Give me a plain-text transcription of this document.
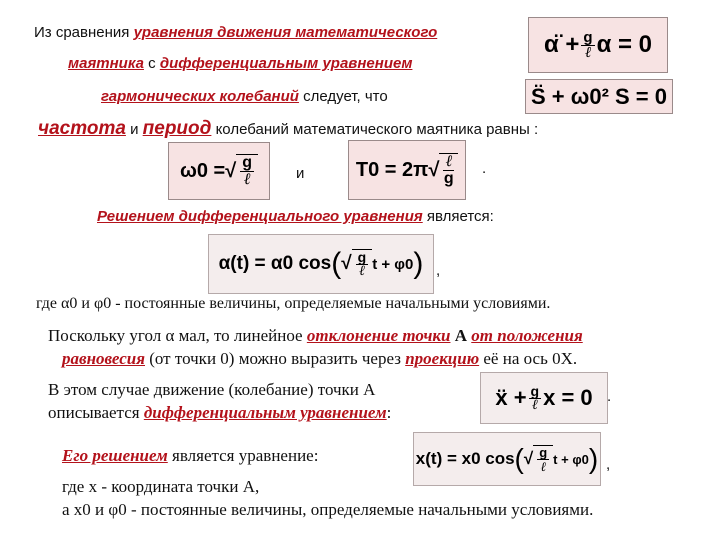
Из сравнения уравнения движения математического
маятника с дифференциальным уравнением
гармонических колебаний следует, что
α̈ + $\frac{g}{\text{ℓ}}$ α = 0
S̈ + ω0² S = 0
частота и период колебаний математического маятника равны :
ω0 = √ $\frac{g}{\text{ℓ}}$	и	T0 = 2π √ $\frac{\text{ℓ}}{g}$ .
Решением дифференциального уравнения является:
α(t) = α0 cos ( √ $\frac{g}{\text{ℓ}}$ t + φ0 ) ,
где α0 и φ0 - постоянные величины, определяемые начальными условиями.
Поскольку угол α мал, то линейное отклонение точки А от положения
равновесия (от точки 0) можно выразить через проекцию её на ось 0Х.
В этом случае движение (колебание) точки А
описывается дифференциальным уравнением:
ẍ + $\frac{g}{\text{ℓ}}$ x = 0 .
Его решением является уравнение:	x(t) = x0 cos ( √ $\frac{g}{\text{ℓ}}$ t + φ0 ) ,
где х - координата точки А,
а х0 и φ0 - постоянные величины, определяемые начальными условиями.
